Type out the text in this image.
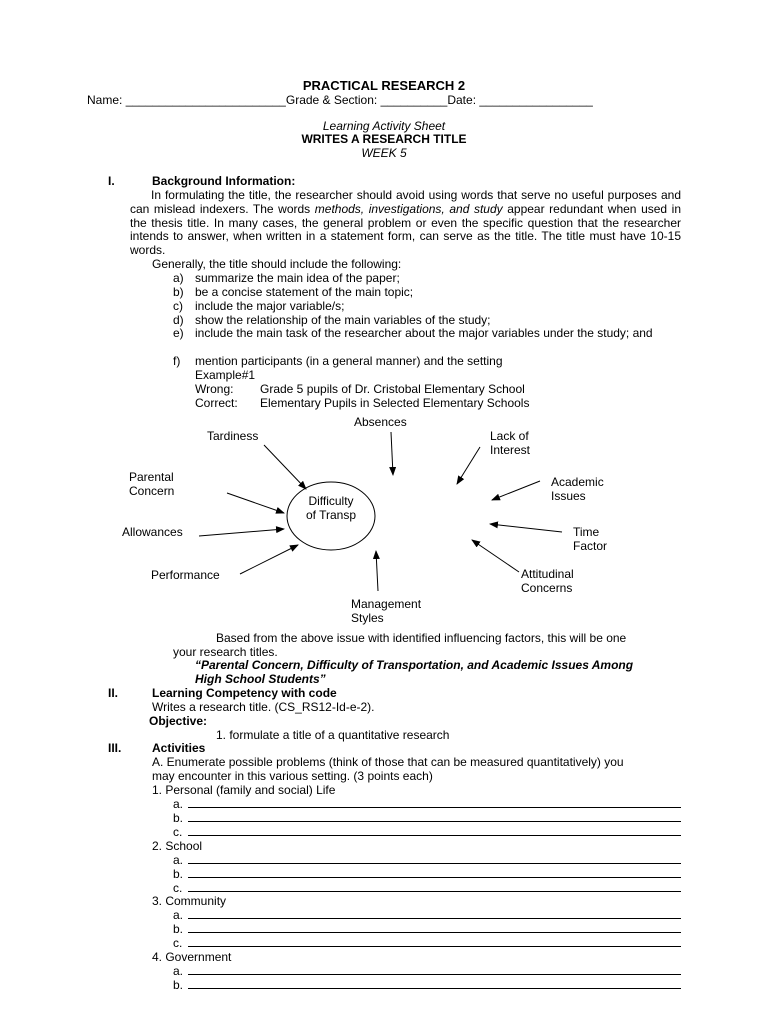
PRACTICAL RESEARCH 2
Name: ________________________Grade & Section: __________Date: _________________
Learning Activity Sheet
WRITES A RESEARCH TITLE
WEEK 5
I.	Background Information:
In formulating the title, the researcher should avoid using words that serve no useful purposes and can mislead indexers. The words methods, investigations, and study appear redundant when used in the thesis title. In many cases, the general problem or even the specific question that the researcher intends to answer, when written in a statement form, can serve as the title. The title must have 10-15 words.
Generally, the title should include the following:
a) summarize the main idea of the paper;
b) be a concise statement of the main topic;
c) include the major variable/s;
d) show the relationship of the main variables of the study;
e) include the main task of the researcher about the major variables under the study; and
f) mention participants (in a general manner) and the setting
Example#1
Wrong: Grade 5 pupils of Dr. Cristobal Elementary School
Correct: Elementary Pupils in Selected Elementary Schools
Difficulty of Transp
Absences
Tardiness	Lack of Interest
Parental Concern
Academic Issues
Allowances	Time Factor
Performance	Attitudinal Concerns
Management Styles
Based from the above issue with identified influencing factors, this will be one
your research titles.
“Parental Concern, Difficulty of Transportation, and Academic Issues Among
High School Students”
II.	Learning Competency with code
Writes a research title. (CS_RS12-Id-e-2).
Objective:
1. formulate a title of a quantitative research
III.	Activities
A. Enumerate possible problems (think of those that can be measured quantitatively) you
may encounter in this various setting. (3 points each)
1. Personal (family and social) Life
a.
b.
c.
2. School
a.
b.
c.
3. Community
a.
b.
c.
4. Government
a.
b.
